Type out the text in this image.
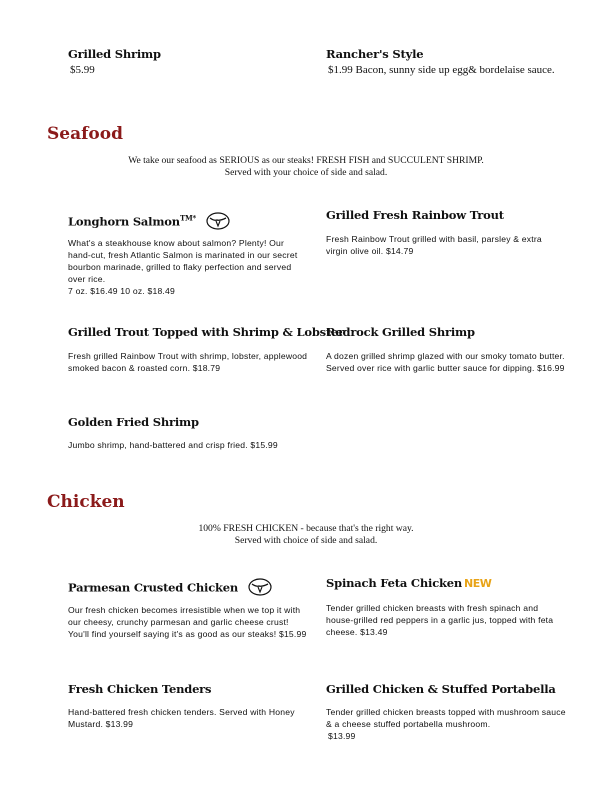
Grilled Shrimp
$5.99
Rancher's Style
$1.99 Bacon, sunny side up egg& bordelaise sauce.
Seafood
We take our seafood as SERIOUS as our steaks! FRESH FISH and SUCCULENT SHRIMP.
Served with your choice of side and salad.
Longhorn Salmon$^{TM*}$
What's a steakhouse know about salmon? Plenty! Our hand-cut, fresh Atlantic Salmon is marinated in our secret bourbon marinade, grilled to flaky perfection and served over rice.
7 oz. $16.49 10 oz. $18.49
Grilled Fresh Rainbow Trout
Fresh Rainbow Trout grilled with basil, parsley & extra virgin olive oil. $14.79
Grilled Trout Topped with Shrimp & Lobster
Fresh grilled Rainbow Trout with shrimp, lobster, applewood smoked bacon & roasted corn. $18.79
Redrock Grilled Shrimp
A dozen grilled shrimp glazed with our smoky tomato butter. Served over rice with garlic butter sauce for dipping. $16.99
Golden Fried Shrimp
Jumbo shrimp, hand-battered and crisp fried. $15.99
Chicken
100% FRESH CHICKEN - because that's the right way.
Served with choice of side and salad.
Parmesan Crusted Chicken
Our fresh chicken becomes irresistible when we top it with our cheesy, crunchy parmesan and garlic cheese crust! You'll find yourself saying it's as good as our steaks! $15.99
Spinach Feta Chicken NEW
Tender grilled chicken breasts with fresh spinach and house-grilled red peppers in a garlic jus, topped with feta cheese. $13.49
Fresh Chicken Tenders
Hand-battered fresh chicken tenders. Served with Honey Mustard. $13.99
Grilled Chicken & Stuffed Portabella
Tender grilled chicken breasts topped with mushroom sauce & a cheese stuffed portabella mushroom.
$13.99
